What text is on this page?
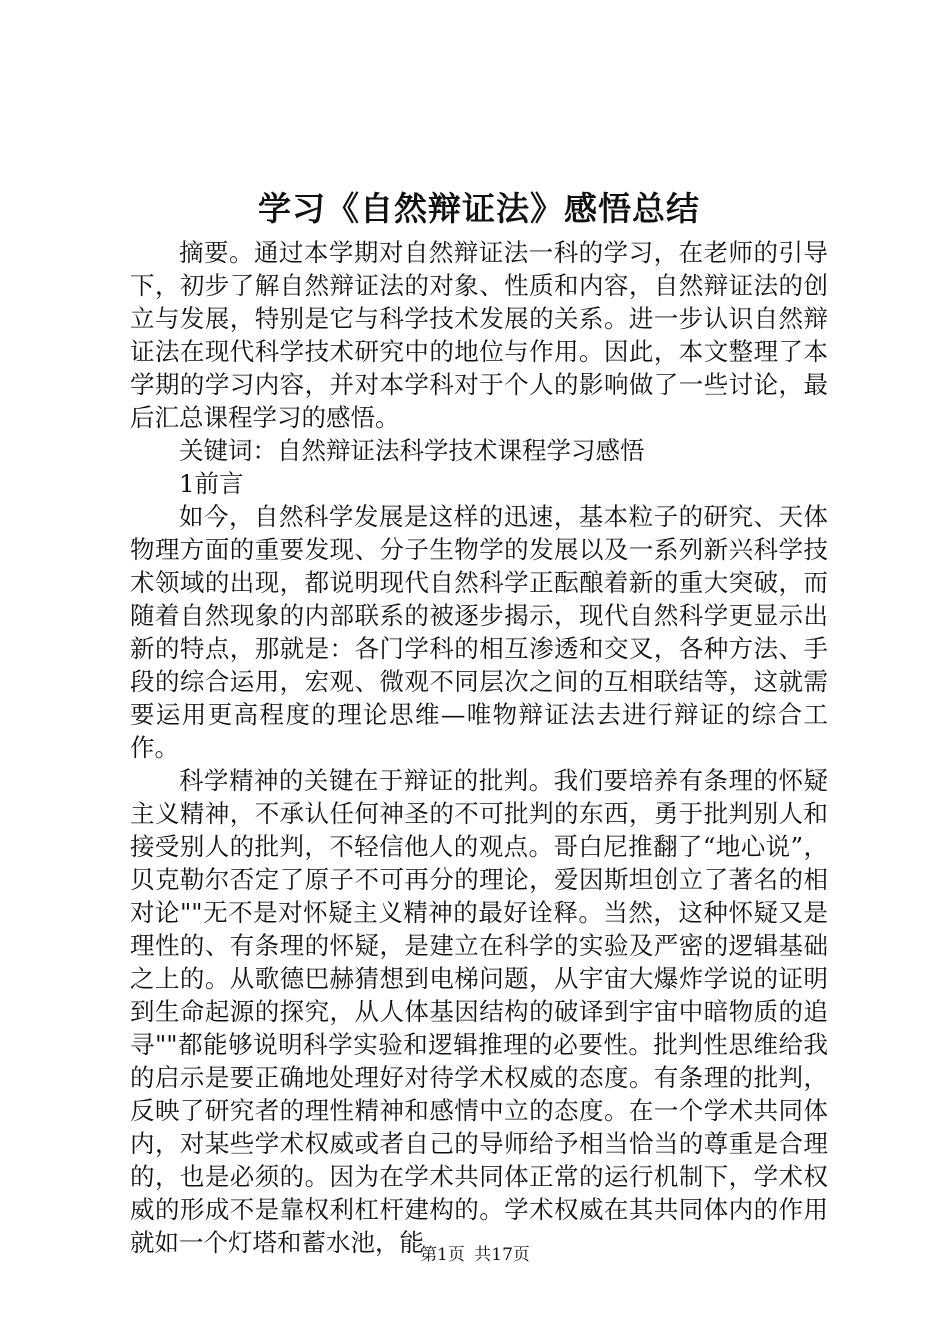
学习《自然辩证法》感悟总结

摘要。通过本学期对自然辩证法一科的学习，在老师的引导下，初步了解自然辩证法的对象、性质和内容，自然辩证法的创立与发展，特别是它与科学技术发展的关系。进一步认识自然辩证法在现代科学技术研究中的地位与作用。因此，本文整理了本学期的学习内容，并对本学科对于个人的影响做了一些讨论，最后汇总课程学习的感悟。

关键词：自然辩证法科学技术课程学习感悟

1前言

如今，自然科学发展是这样的迅速，基本粒子的研究、天体物理方面的重要发现、分子生物学的发展以及一系列新兴科学技术领域的出现，都说明现代自然科学正酝酿着新的重大突破，而随着自然现象的内部联系的被逐步揭示，现代自然科学更显示出新的特点，那就是：各门学科的相互渗透和交叉，各种方法、手段的综合运用，宏观、微观不同层次之间的互相联结等，这就需要运用更高程度的理论思维—唯物辩证法去进行辩证的综合工作。

科学精神的关键在于辩证的批判。我们要培养有条理的怀疑主义精神，不承认任何神圣的不可批判的东西，勇于批判别人和接受别人的批判，不轻信他人的观点。哥白尼推翻了“地心说”，贝克勒尔否定了原子不可再分的理论，爱因斯坦创立了著名的相对论""无不是对怀疑主义精神的最好诠释。当然，这种怀疑又是理性的、有条理的怀疑，是建立在科学的实验及严密的逻辑基础之上的。从歌德巴赫猜想到电梯问题，从宇宙大爆炸学说的证明到生命起源的探究，从人体基因结构的破译到宇宙中暗物质的追寻""都能够说明科学实验和逻辑推理的必要性。批判性思维给我的启示是要正确地处理好对待学术权威的态度。有条理的批判，反映了研究者的理性精神和感情中立的态度。在一个学术共同体内，对某些学术权威或者自己的导师给予相当恰当的尊重是合理的，也是必须的。因为在学术共同体正常的运行机制下，学术权威的形成不是靠权利杠杆建构的。学术权威在其共同体内的作用就如一个灯塔和蓄水池，能

第1页 共17页
